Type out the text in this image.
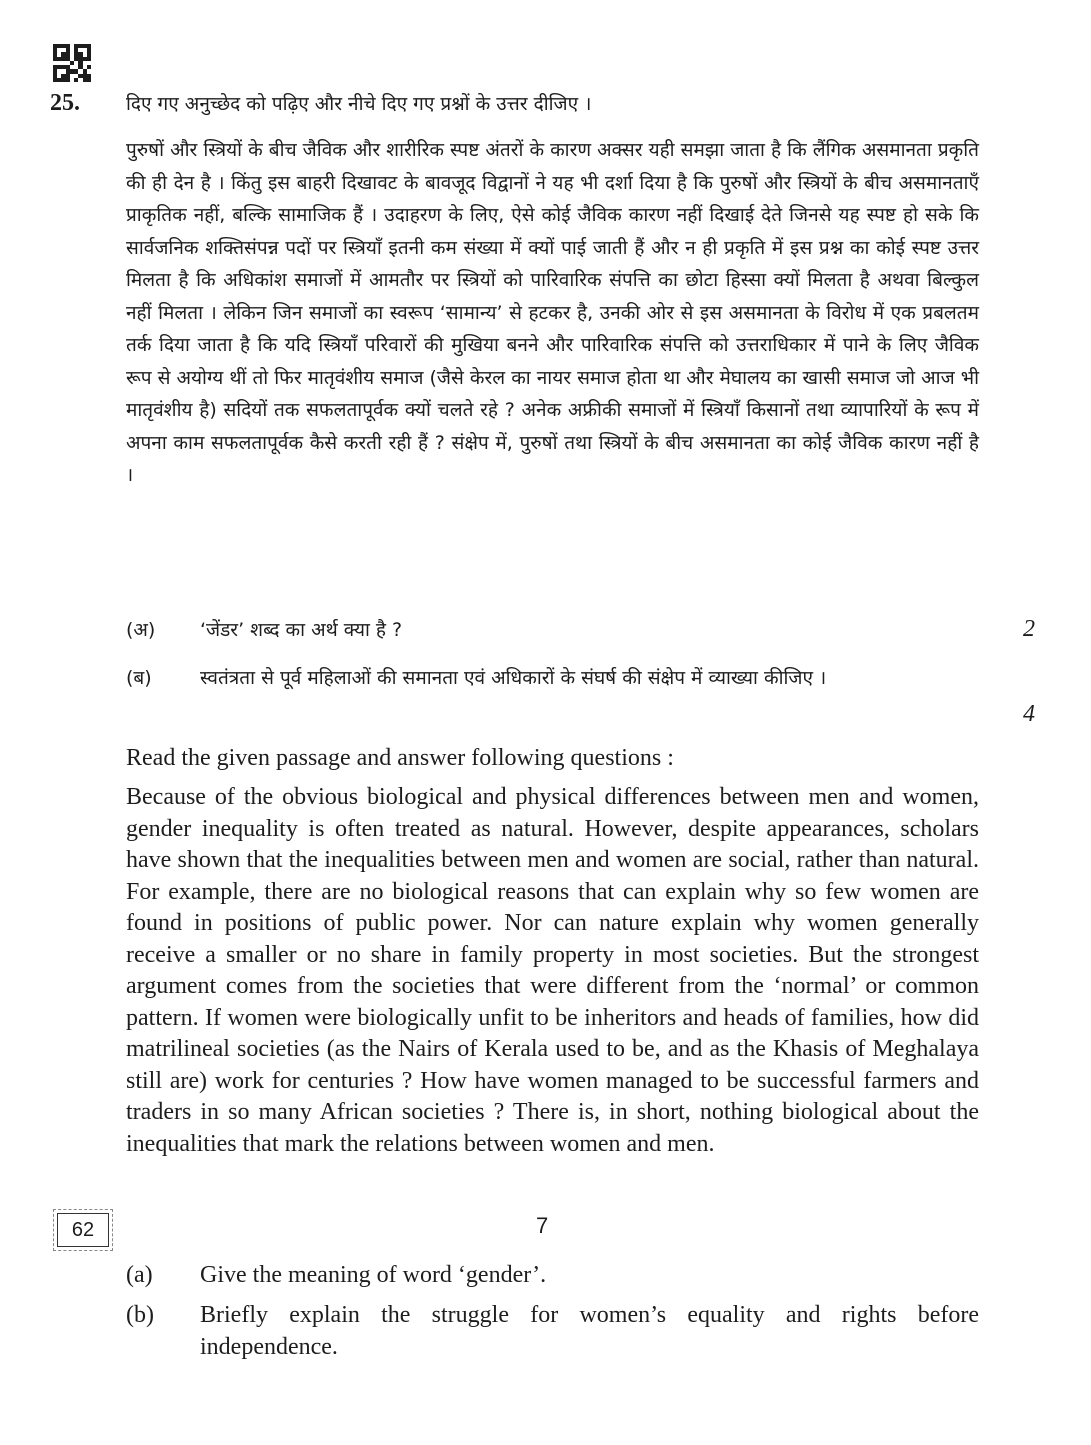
25. दिए गए अनुच्छेद को पढ़िए और नीचे दिए गए प्रश्नों के उत्तर दीजिए ।
पुरुषों और स्त्रियों के बीच जैविक और शारीरिक स्पष्ट अंतरों के कारण अक्सर यही समझा जाता है कि लैंगिक असमानता प्रकृति की ही देन है । किंतु इस बाहरी दिखावट के बावजूद विद्वानों ने यह भी दर्शा दिया है कि पुरुषों और स्त्रियों के बीच असमानताएँ प्राकृतिक नहीं, बल्कि सामाजिक हैं । उदाहरण के लिए, ऐसे कोई जैविक कारण नहीं दिखाई देते जिनसे यह स्पष्ट हो सके कि सार्वजनिक शक्तिसंपन्न पदों पर स्त्रियाँ इतनी कम संख्या में क्यों पाई जाती हैं और न ही प्रकृति में इस प्रश्न का कोई स्पष्ट उत्तर मिलता है कि अधिकांश समाजों में आमतौर पर स्त्रियों को पारिवारिक संपत्ति का छोटा हिस्सा क्यों मिलता है अथवा बिल्कुल नहीं मिलता । लेकिन जिन समाजों का स्वरूप ‘सामान्य’ से हटकर है, उनकी ओर से इस असमानता के विरोध में एक प्रबलतम तर्क दिया जाता है कि यदि स्त्रियाँ परिवारों की मुखिया बनने और पारिवारिक संपत्ति को उत्तराधिकार में पाने के लिए जैविक रूप से अयोग्य थीं तो फिर मातृवंशीय समाज (जैसे केरल का नायर समाज होता था और मेघालय का खासी समाज जो आज भी मातृवंशीय है) सदियों तक सफलतापूर्वक क्यों चलते रहे ? अनेक अफ्रीकी समाजों में स्त्रियाँ किसानों तथा व्यापारियों के रूप में अपना काम सफलतापूर्वक कैसे करती रही हैं ? संक्षेप में, पुरुषों तथा स्त्रियों के बीच असमानता का कोई जैविक कारण नहीं है ।
(अ) ‘जेंडर’ शब्द का अर्थ क्या है ?	2
(ब)	स्वतंत्रता से पूर्व महिलाओं की समानता एवं अधिकारों के संघर्ष की संक्षेप में व्याख्या कीजिए ।
4
Read the given passage and answer following questions :
Because of the obvious biological and physical differences between men and women, gender inequality is often treated as natural. However, despite appearances, scholars have shown that the inequalities between men and women are social, rather than natural. For example, there are no biological reasons that can explain why so few women are found in positions of public power. Nor can nature explain why women generally receive a smaller or no share in family property in most societies. But the strongest argument comes from the societies that were different from the ‘normal’ or common pattern. If women were biologically unfit to be inheritors and heads of families, how did matrilineal societies (as the Nairs of Kerala used to be, and as the Khasis of Meghalaya still are) work for centuries ? How have women managed to be successful farmers and traders in so many African societies ? There is, in short, nothing biological about the inequalities that mark the relations between women and men.
(a) Give the meaning of word ‘gender’.
(b) Briefly explain the struggle for women’s equality and rights before independence.
62	7
